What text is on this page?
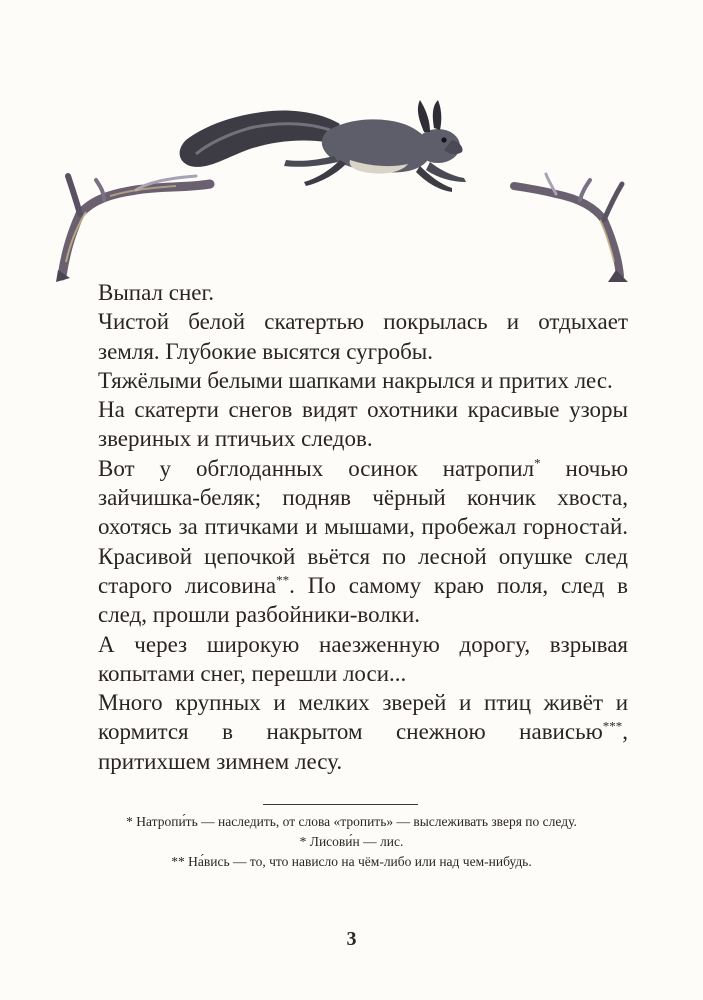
Выпал снег.

Чистой белой скатертью покрылась и отдыхает земля. Глубокие высятся сугробы.

Тяжёлыми белыми шапками накрылся и притих лес.

На скатерти снегов видят охотники красивые узоры звериных и птичьих следов.

Вот у обглоданных осинок натропил* ночью зайчишка-беляк; подняв чёрный кончик хвоста, охотясь за птичками и мышами, пробежал горностай. Красивой цепочкой вьётся по лесной опушке след старого лисовина**. По самому краю поля, след в след, прошли разбойники-волки.

А через широкую наезженную дорогу, взрывая копытами снег, перешли лоси...

Много крупных и мелких зверей и птиц живёт и кормится в накрытом снежною нависью***, притихшем зимнем лесу.

* Натропи́ть — наследить, от слова «тропить» — выслеживать зверя по следу.
* Лисови́н — лис.
** На́вись — то, что нависло на чём-либо или над чем-нибудь.
3
